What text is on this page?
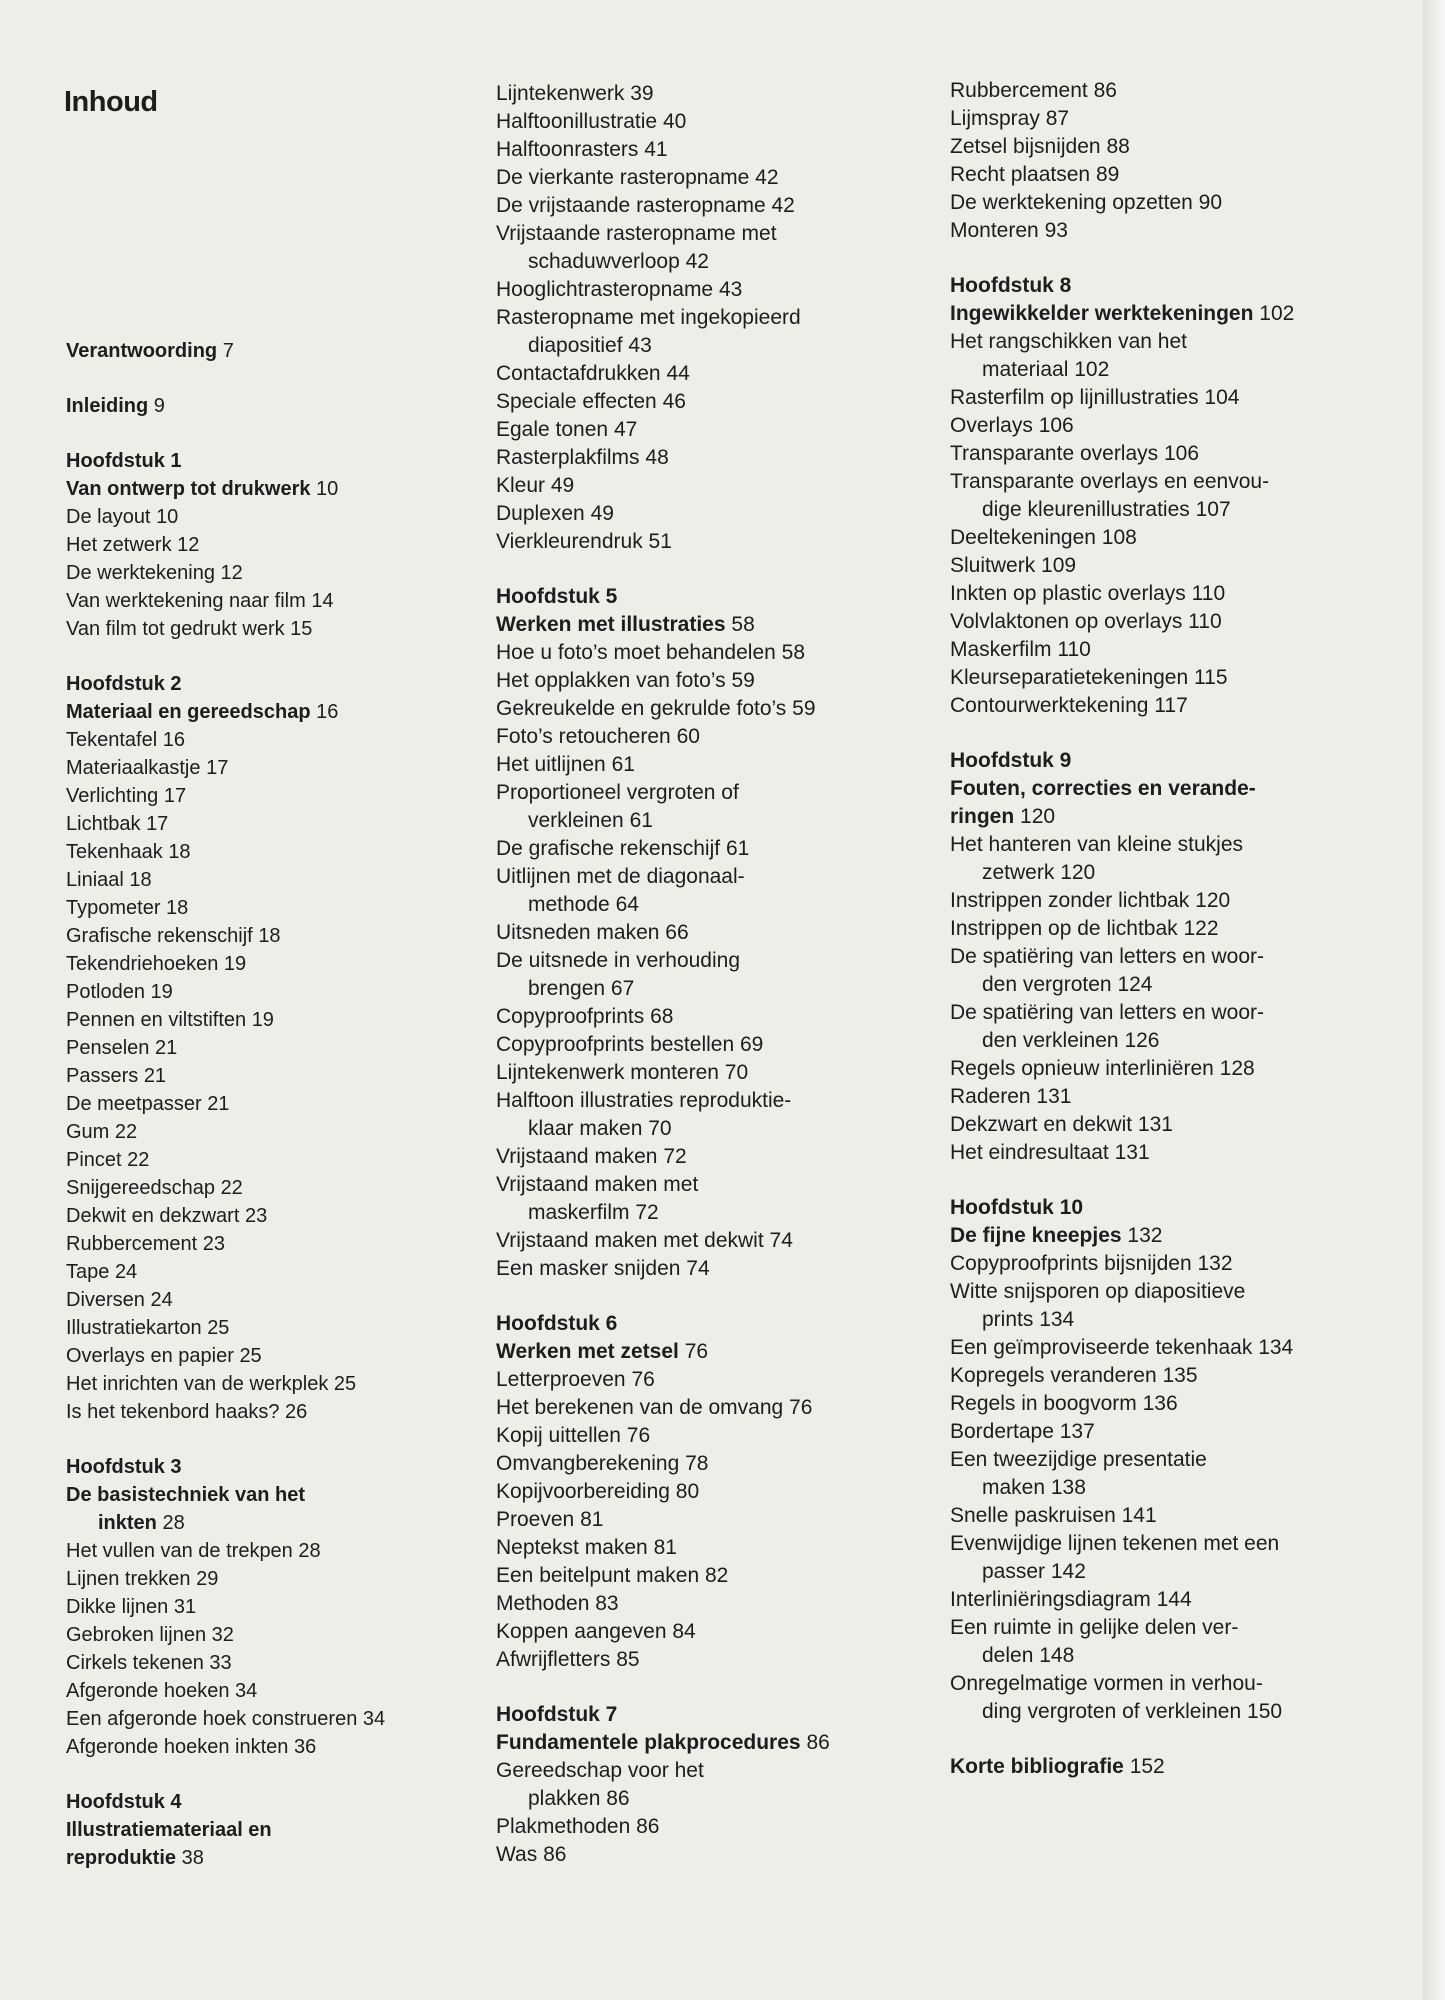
Inhoud
Verantwoording 7
Inleiding 9
Hoofdstuk 1
Van ontwerp tot drukwerk 10
De layout 10
Het zetwerk 12
De werktekening 12
Van werktekening naar film 14
Van film tot gedrukt werk 15
Hoofdstuk 2
Materiaal en gereedschap 16
Tekentafel 16
Materiaalkastje 17
Verlichting 17
Lichtbak 17
Tekenhaak 18
Liniaal 18
Typometer 18
Grafische rekenschijf 18
Tekendriehoeken 19
Potloden 19
Pennen en viltstiften 19
Penselen 21
Passers 21
De meetpasser 21
Gum 22
Pincet 22
Snijgereedschap 22
Dekwit en dekzwart 23
Rubbercement 23
Tape 24
Diversen 24
Illustratiekarton 25
Overlays en papier 25
Het inrichten van de werkplek 25
Is het tekenbord haaks? 26
Hoofdstuk 3
De basistechniek van het
inkten 28
Het vullen van de trekpen 28
Lijnen trekken 29
Dikke lijnen 31
Gebroken lijnen 32
Cirkels tekenen 33
Afgeronde hoeken 34
Een afgeronde hoek construeren 34
Afgeronde hoeken inkten 36
Hoofdstuk 4
Illustratiemateriaal en
reproduktie 38
Lijntekenwerk 39
Halftoonillustratie 40
Halftoonrasters 41
De vierkante rasteropname 42
De vrijstaande rasteropname 42
Vrijstaande rasteropname met
schaduwverloop 42
Hooglichtrasteropname 43
Rasteropname met ingekopieerd
diapositief 43
Contactafdrukken 44
Speciale effecten 46
Egale tonen 47
Rasterplakfilms 48
Kleur 49
Duplexen 49
Vierkleurendruk 51
Hoofdstuk 5
Werken met illustraties 58
Hoe u foto’s moet behandelen 58
Het opplakken van foto’s 59
Gekreukelde en gekrulde foto’s 59
Foto’s retoucheren 60
Het uitlijnen 61
Proportioneel vergroten of
verkleinen 61
De grafische rekenschijf 61
Uitlijnen met de diagonaal-
methode 64
Uitsneden maken 66
De uitsnede in verhouding
brengen 67
Copyproofprints 68
Copyproofprints bestellen 69
Lijntekenwerk monteren 70
Halftoon illustraties reproduktie-
klaar maken 70
Vrijstaand maken 72
Vrijstaand maken met
maskerfilm 72
Vrijstaand maken met dekwit 74
Een masker snijden 74
Hoofdstuk 6
Werken met zetsel 76
Letterproeven 76
Het berekenen van de omvang 76
Kopij uittellen 76
Omvangberekening 78
Kopijvoorbereiding 80
Proeven 81
Neptekst maken 81
Een beitelpunt maken 82
Methoden 83
Koppen aangeven 84
Afwrijfletters 85
Hoofdstuk 7
Fundamentele plakprocedures 86
Gereedschap voor het
plakken 86
Plakmethoden 86
Was 86
Rubbercement 86
Lijmspray 87
Zetsel bijsnijden 88
Recht plaatsen 89
De werktekening opzetten 90
Monteren 93
Hoofdstuk 8
Ingewikkelder werktekeningen 102
Het rangschikken van het
materiaal 102
Rasterfilm op lijnillustraties 104
Overlays 106
Transparante overlays 106
Transparante overlays en eenvou-
dige kleurenillustraties 107
Deeltekeningen 108
Sluitwerk 109
Inkten op plastic overlays 110
Volvlaktonen op overlays 110
Maskerfilm 110
Kleurseparatietekeningen 115
Contourwerktekening 117
Hoofdstuk 9
Fouten, correcties en verande-
ringen 120
Het hanteren van kleine stukjes
zetwerk 120
Instrippen zonder lichtbak 120
Instrippen op de lichtbak 122
De spatiëring van letters en woor-
den vergroten 124
De spatiëring van letters en woor-
den verkleinen 126
Regels opnieuw interliniëren 128
Raderen 131
Dekzwart en dekwit 131
Het eindresultaat 131
Hoofdstuk 10
De fijne kneepjes 132
Copyproofprints bijsnijden 132
Witte snijsporen op diapositieve
prints 134
Een geïmproviseerde tekenhaak 134
Kopregels veranderen 135
Regels in boogvorm 136
Bordertape 137
Een tweezijdige presentatie
maken 138
Snelle paskruisen 141
Evenwijdige lijnen tekenen met een
passer 142
Interliniëringsdiagram 144
Een ruimte in gelijke delen ver-
delen 148
Onregelmatige vormen in verhou-
ding vergroten of verkleinen 150
Korte bibliografie 152
